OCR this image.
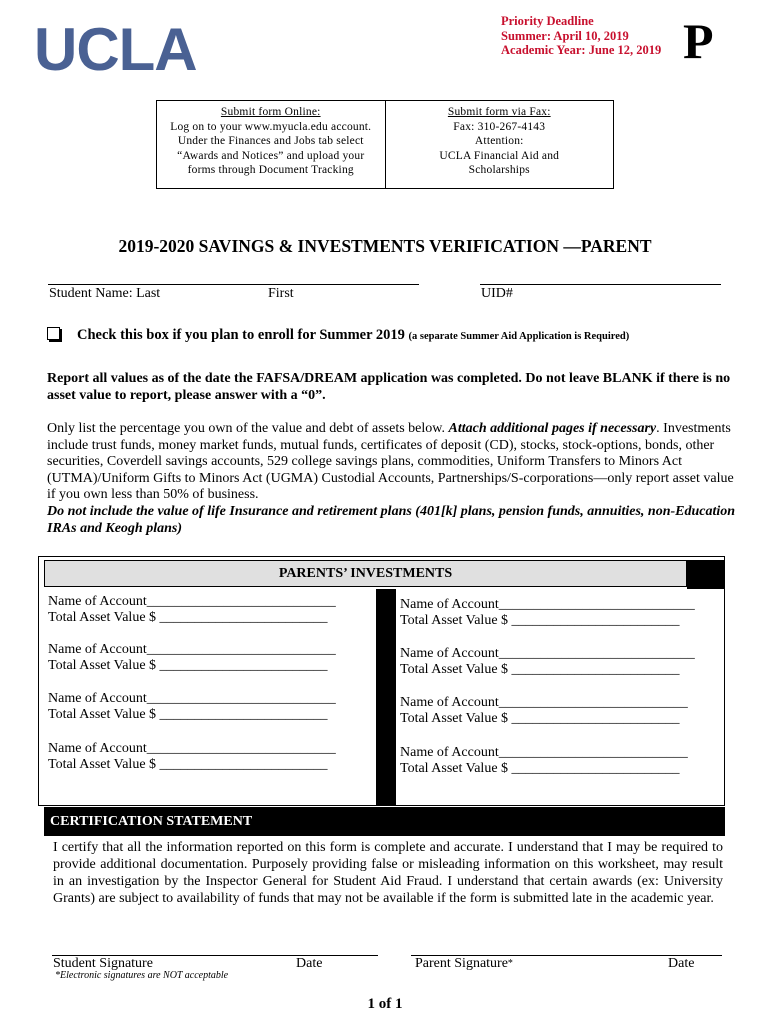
UCLA	Priority Deadline
Summer: April 10, 2019
Academic Year: June 12, 2019 P
Submit form Online:
Log on to your www.myucla.edu account.
Under the Finances and Jobs tab select
“Awards and Notices” and upload your
forms through Document Tracking
Submit form via Fax:
Fax: 310-267-4143
Attention:
UCLA Financial Aid and
Scholarships
2019-2020 SAVINGS & INVESTMENTS VERIFICATION —PARENT
Student Name: Last	First	UID#
Check this box if you plan to enroll for Summer 2019 (a separate Summer Aid Application is Required)
Report all values as of the date the FAFSA/DREAM application was completed. Do not leave BLANK if there is no asset value to report, please answer with a “0”.
Only list the percentage you own of the value and debt of assets below. Attach additional pages if necessary. Investments include trust funds, money market funds, mutual funds, certificates of deposit (CD), stocks, stock-options, bonds, other securities, Coverdell savings accounts, 529 college savings plans, commodities, Uniform Transfers to Minors Act (UTMA)/Uniform Gifts to Minors Act (UGMA) Custodial Accounts, Partnerships/S-corporations—only report asset value if you own less than 50% of business.
Do not include the value of life Insurance and retirement plans (401[k] plans, pension funds, annuities, non-Education IRAs and Keogh plans)
PARENTS’ INVESTMENTS
Name of Account___________________________
Total Asset Value $ ________________________
Name of Account___________________________
Total Asset Value $ ________________________
Name of Account___________________________
Total Asset Value $ ________________________
Name of Account___________________________
Total Asset Value $ ________________________
Name of Account____________________________
Total Asset Value $ ________________________
Name of Account____________________________
Total Asset Value $ ________________________
Name of Account___________________________
Total Asset Value $ ________________________
Name of Account___________________________
Total Asset Value $ ________________________
CERTIFICATION STATEMENT
I certify that all the information reported on this form is complete and accurate. I understand that I may be required to provide additional documentation. Purposely providing false or misleading information on this worksheet, may result in an investigation by the Inspector General for Student Aid Fraud. I understand that certain awards (ex: University Grants) are subject to availability of funds that may not be available if the form is submitted late in the academic year.
Student Signature	Date	Parent Signature*	Date
*Electronic signatures are NOT acceptable
1 of 1
